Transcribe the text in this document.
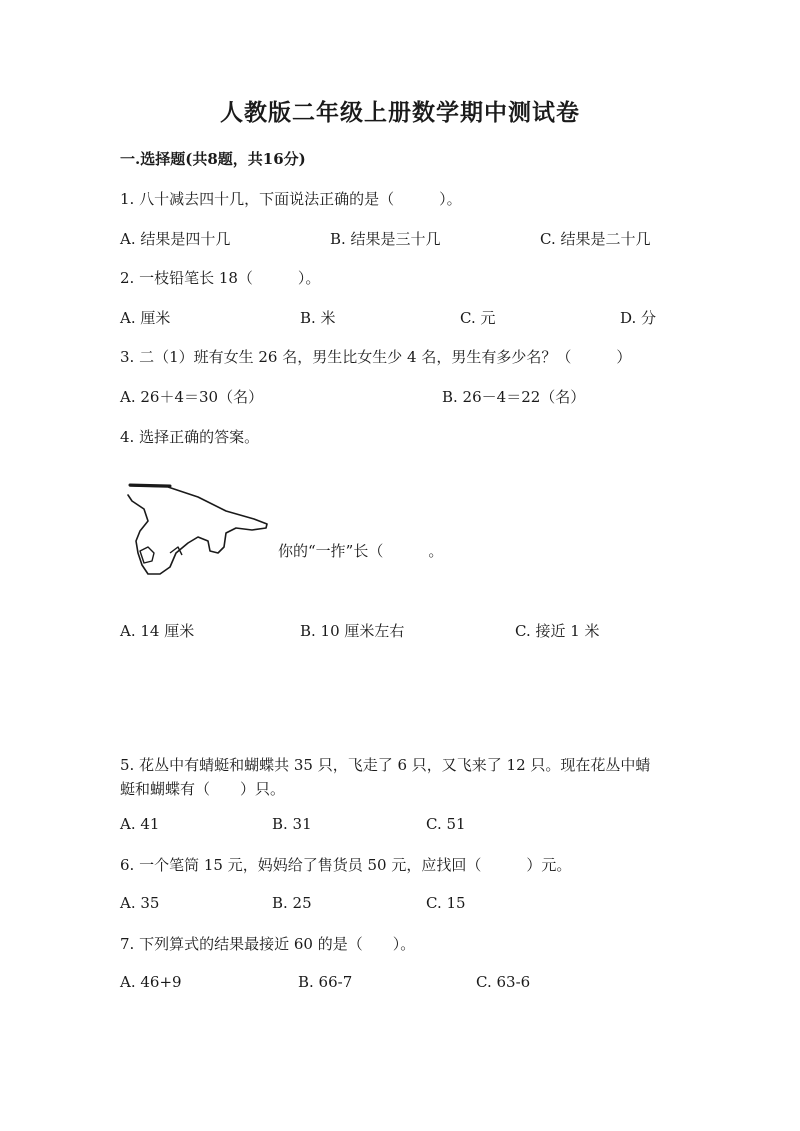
人教版二年级上册数学期中测试卷
一.选择题(共8题，共16分)
1. 八十减去四十几，下面说法正确的是（　　　）。
A. 结果是四十几	B. 结果是三十几	C. 结果是二十几
2. 一枝铅笔长 18（　　　）。
A. 厘米	B. 米	C. 元	D. 分
3. 二（1）班有女生 26 名，男生比女生少 4 名，男生有多少名？（　　　）
A. 26＋4＝30（名）	B. 26－4＝22（名）
4. 选择正确的答案。
你的“一拃”长（　　　。
A. 14 厘米	B. 10 厘米左右	C. 接近 1 米
5. 花丛中有蜻蜓和蝴蝶共 35 只，飞走了 6 只，又飞来了 12 只。现在花丛中蜻蜓和蝴蝶有（　　）只。
A. 41	B. 31	C. 51
6. 一个笔筒 15 元，妈妈给了售货员 50 元，应找回（　　　）元。
A. 35	B. 25	C. 15
7. 下列算式的结果最接近 60 的是（　　）。
A. 46+9	B. 66-7	C. 63-6
